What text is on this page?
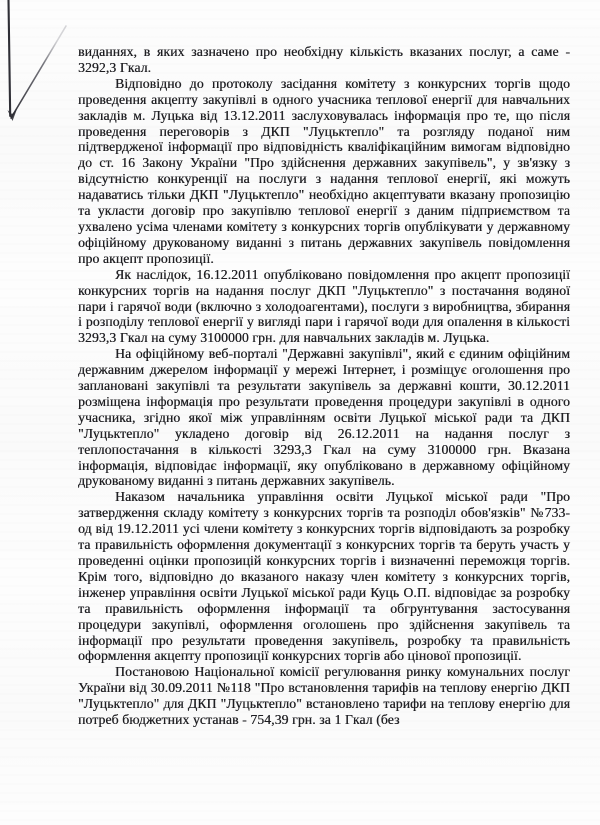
виданнях, в яких зазначено про необхідну кількість вказаних послуг, а саме - 3292,3 Гкал.

Відповідно до протоколу засідання комітету з конкурсних торгів щодо проведення акцепту закупівлі в одного учасника теплової енергії для навчальних закладів м. Луцька від 13.12.2011 заслуховувалась інформація про те, що після проведення переговорів з ДКП "Луцьктепло" та розгляду поданої ним підтвердженої інформації про відповідність кваліфікаційним вимогам відповідно до ст. 16 Закону України "Про здійснення державних закупівель", у зв'язку з відсутністю конкуренції на послуги з надання теплової енергії, які можуть надаватись тільки ДКП "Луцьктепло" необхідно акцептувати вказану пропозицію та укласти договір про закупівлю теплової енергії з даним підприємством та ухвалено усіма членами комітету з конкурсних торгів опублікувати у державному офіційному друкованому виданні з питань державних закупівель повідомлення про акцепт пропозиції.

Як наслідок, 16.12.2011 опубліковано повідомлення про акцепт пропозиції конкурсних торгів на надання послуг ДКП "Луцьктепло" з постачання водяної пари і гарячої води (включно з холодоагентами), послуги з виробництва, збирання і розподілу теплової енергії у вигляді пари і гарячої води для опалення в кількості 3293,3 Гкал на суму 3100000 грн. для навчальних закладів м. Луцька.

На офіційному веб-порталі "Державні закупівлі", який є єдиним офіційним державним джерелом інформації у мережі Інтернет, і розміщує оголошення про заплановані закупівлі та результати закупівель за державні кошти, 30.12.2011 розміщена інформація про результати проведення процедури закупівлі в одного учасника, згідно якої між управлінням освіти Луцької міської ради та ДКП "Луцьктепло" укладено договір від 26.12.2011 на надання послуг з теплопостачання в кількості 3293,3 Гкал на суму 3100000 грн. Вказана інформація, відповідає інформації, яку опубліковано в державному офіційному друкованому виданні з питань державних закупівель.

Наказом начальника управління освіти Луцької міської ради "Про затвердження складу комітету з конкурсних торгів та розподіл обов'язків" №733-од від 19.12.2011 усі члени комітету з конкурсних торгів відповідають за розробку та правильність оформлення документації з конкурсних торгів та беруть участь у проведенні оцінки пропозицій конкурсних торгів і визначенні переможця торгів. Крім того, відповідно до вказаного наказу член комітету з конкурсних торгів, інженер управління освіти Луцької міської ради Куць О.П. відповідає за розробку та правильність оформлення інформації та обгрунтування застосування процедури закупівлі, оформлення оголошень про здійснення закупівель та інформації про результати проведення закупівель, розробку та правильність оформлення акцепту пропозиції конкурсних торгів або цінової пропозиції.

Постановою Національної комісії регулювання ринку комунальних послуг України від 30.09.2011 №118 "Про встановлення тарифів на теплову енергію ДКП "Луцьктепло" для ДКП "Луцьктепло" встановлено тарифи на теплову енергію для потреб бюджетних устанав - 754,39 грн. за 1 Гкал (без
